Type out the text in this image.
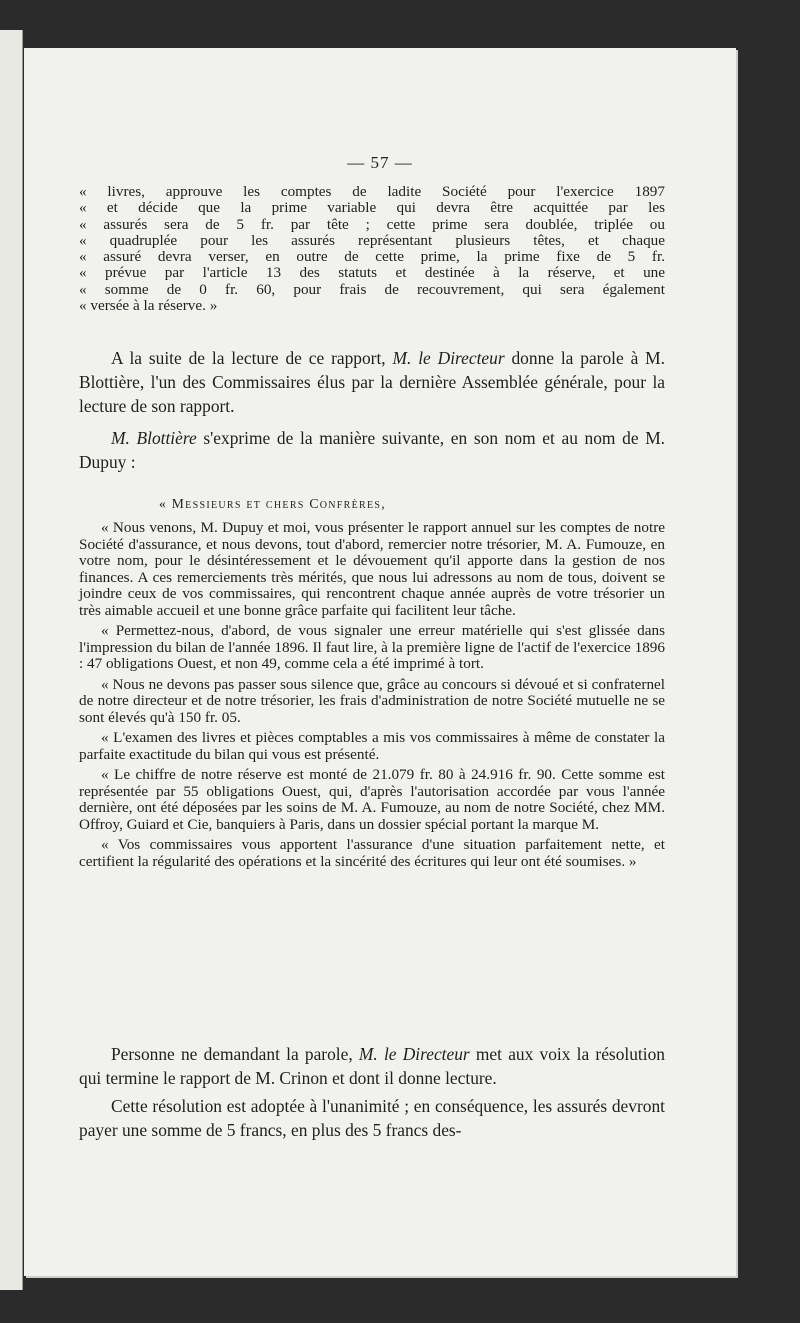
— 57 —
« livres, approuve les comptes de ladite Société pour l'exercice 1897
« et décide que la prime variable qui devra être acquittée par les
« assurés sera de 5 fr. par tête ; cette prime sera doublée, triplée ou
« quadruplée pour les assurés représentant plusieurs têtes, et chaque
« assuré devra verser, en outre de cette prime, la prime fixe de 5 fr.
« prévue par l'article 13 des statuts et destinée à la réserve, et une
« somme de 0 fr. 60, pour frais de recouvrement, qui sera également
« versée à la réserve. »
A la suite de la lecture de ce rapport, M. le Directeur donne la parole à M. Blottière, l'un des Commissaires élus par la dernière Assemblée générale, pour la lecture de son rapport.
M. Blottière s'exprime de la manière suivante, en son nom et au nom de M. Dupuy :
« Messieurs et chers Confrères,

« Nous venons, M. Dupuy et moi, vous présenter le rapport annuel sur les comptes de notre Société d'assurance, et nous devons, tout d'abord, remercier notre trésorier, M. A. Fumouze, en votre nom, pour le désintéressement et le dévouement qu'il apporte dans la gestion de nos finances. A ces remerciements très mérités, que nous lui adressons au nom de tous, doivent se joindre ceux de vos commissaires, qui rencontrent chaque année auprès de votre trésorier un très aimable accueil et une bonne grâce parfaite qui facilitent leur tâche.

« Permettez-nous, d'abord, de vous signaler une erreur matérielle qui s'est glissée dans l'impression du bilan de l'année 1896. Il faut lire, à la première ligne de l'actif de l'exercice 1896 : 47 obligations Ouest, et non 49, comme cela a été imprimé à tort.

« Nous ne devons pas passer sous silence que, grâce au concours si dévoué et si confraternel de notre directeur et de notre trésorier, les frais d'administration de notre Société mutuelle ne se sont élevés qu'à 150 fr. 05.

« L'examen des livres et pièces comptables a mis vos commissaires à même de constater la parfaite exactitude du bilan qui vous est présenté.

« Le chiffre de notre réserve est monté de 21.079 fr. 80 à 24.916 fr. 90. Cette somme est représentée par 55 obligations Ouest, qui, d'après l'autorisation accordée par vous l'année dernière, ont été déposées par les soins de M. A. Fumouze, au nom de notre Société, chez MM. Offroy, Guiard et Cie, banquiers à Paris, dans un dossier spécial portant la marque M.

« Vos commissaires vous apportent l'assurance d'une situation parfaitement nette, et certifient la régularité des opérations et la sincérité des écritures qui leur ont été soumises. »

Personne ne demandant la parole, M. le Directeur met aux voix la résolution qui termine le rapport de M. Crinon et dont il donne lecture.

Cette résolution est adoptée à l'unanimité ; en conséquence, les assurés devront payer une somme de 5 francs, en plus des 5 francs des-
